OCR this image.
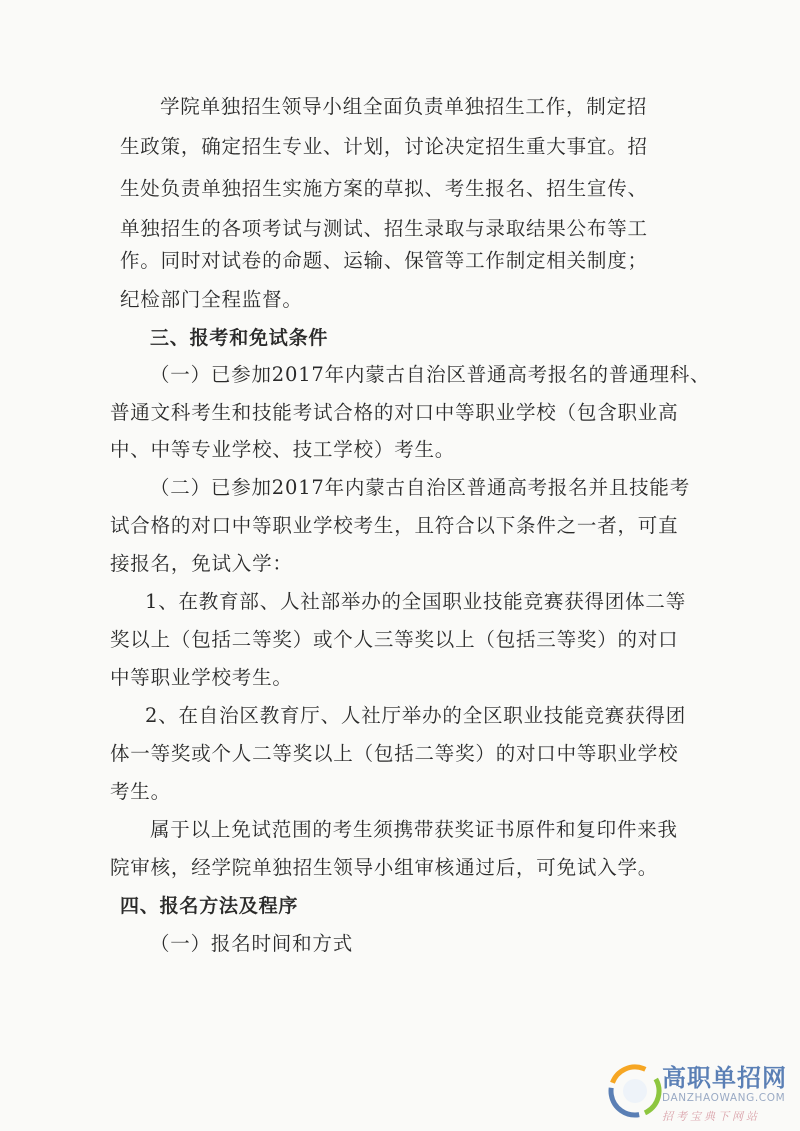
学院单独招生领导小组全面负责单独招生工作，制定招
生政策，确定招生专业、计划，讨论决定招生重大事宜。招
生处负责单独招生实施方案的草拟、考生报名、招生宣传、
单独招生的各项考试与测试、招生录取与录取结果公布等工
作。同时对试卷的命题、运输、保管等工作制定相关制度；
纪检部门全程监督。
三、报考和免试条件
（一）已参加2017年内蒙古自治区普通高考报名的普通理科、
普通文科考生和技能考试合格的对口中等职业学校（包含职业高
中、中等专业学校、技工学校）考生。
（二）已参加2017年内蒙古自治区普通高考报名并且技能考
试合格的对口中等职业学校考生，且符合以下条件之一者，可直
接报名，免试入学：
1、在教育部、人社部举办的全国职业技能竞赛获得团体二等
奖以上（包括二等奖）或个人三等奖以上（包括三等奖）的对口
中等职业学校考生。
2、在自治区教育厅、人社厅举办的全区职业技能竞赛获得团
体一等奖或个人二等奖以上（包括二等奖）的对口中等职业学校
考生。
属于以上免试范围的考生须携带获奖证书原件和复印件来我
院审核，经学院单独招生领导小组审核通过后，可免试入学。
四、报名方法及程序
（一）报名时间和方式
高职单招网
DANZHAOWANG.COM
招考宝典下网站
